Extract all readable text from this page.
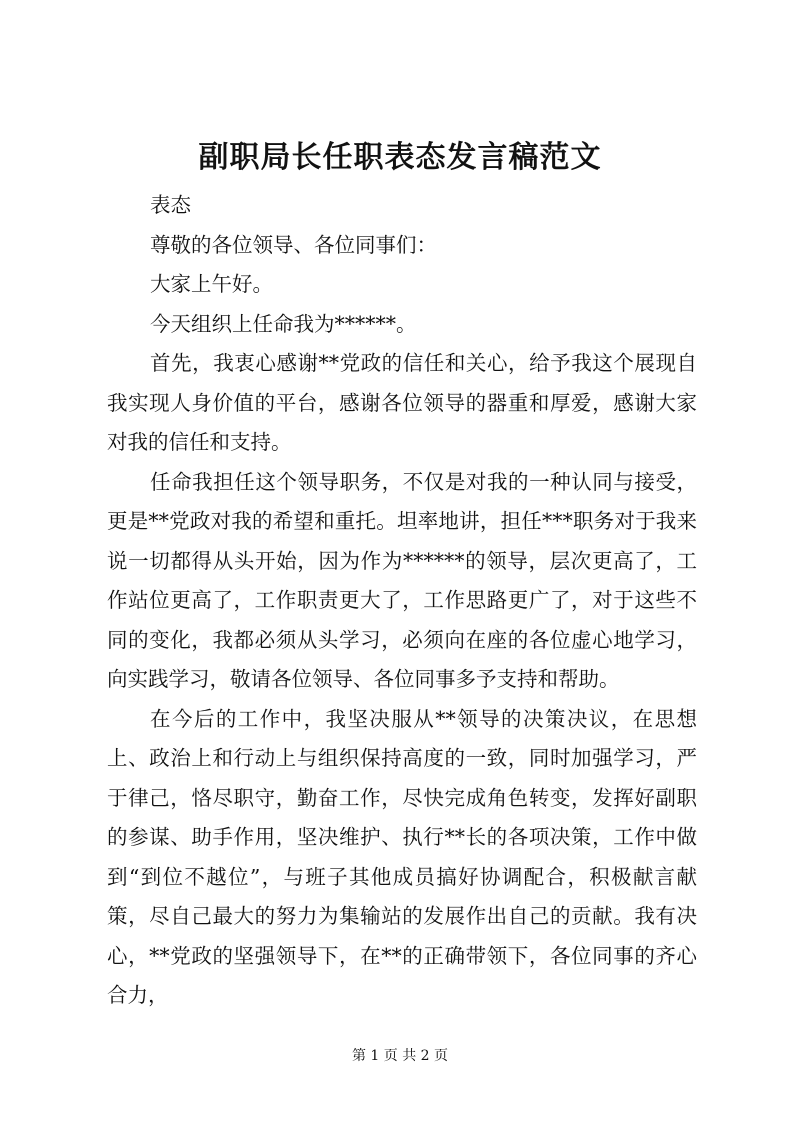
副职局长任职表态发言稿范文

表态

尊敬的各位领导、各位同事们：

大家上午好。

今天组织上任命我为******。

首先，我衷心感谢**党政的信任和关心，给予我这个展现自我实现人身价值的平台，感谢各位领导的器重和厚爱，感谢大家对我的信任和支持。

任命我担任这个领导职务，不仅是对我的一种认同与接受，更是**党政对我的希望和重托。坦率地讲，担任***职务对于我来说一切都得从头开始，因为作为******的领导，层次更高了，工作站位更高了，工作职责更大了，工作思路更广了，对于这些不同的变化，我都必须从头学习，必须向在座的各位虚心地学习，向实践学习，敬请各位领导、各位同事多予支持和帮助。

在今后的工作中，我坚决服从**领导的决策决议，在思想上、政治上和行动上与组织保持高度的一致，同时加强学习，严于律己，恪尽职守，勤奋工作，尽快完成角色转变，发挥好副职的参谋、助手作用，坚决维护、执行**长的各项决策，工作中做到“到位不越位”，与班子其他成员搞好协调配合，积极献言献策，尽自己最大的努力为集输站的发展作出自己的贡献。我有决心，**党政的坚强领导下，在**的正确带领下，各位同事的齐心合力，

第 1 页 共 2 页
